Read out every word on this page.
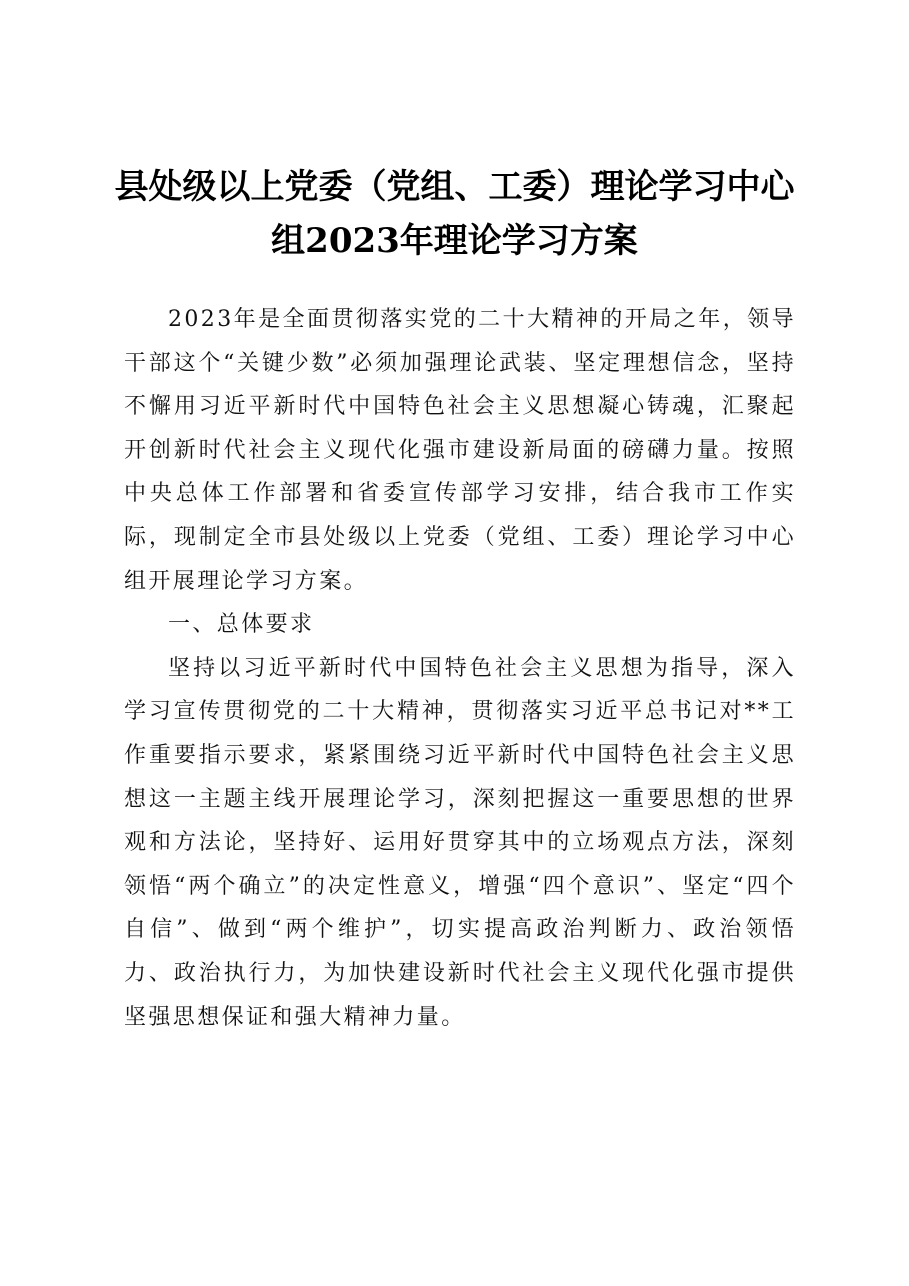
县处级以上党委（党组、工委）理论学习中心
组2023年理论学习方案

2023年是全面贯彻落实党的二十大精神的开局之年，领导干部这个“关键少数”必须加强理论武装、坚定理想信念，坚持不懈用习近平新时代中国特色社会主义思想凝心铸魂，汇聚起开创新时代社会主义现代化强市建设新局面的磅礴力量。按照中央总体工作部署和省委宣传部学习安排，结合我市工作实际，现制定全市县处级以上党委（党组、工委）理论学习中心组开展理论学习方案。

一、总体要求

坚持以习近平新时代中国特色社会主义思想为指导，深入学习宣传贯彻党的二十大精神，贯彻落实习近平总书记对**工作重要指示要求，紧紧围绕习近平新时代中国特色社会主义思想这一主题主线开展理论学习，深刻把握这一重要思想的世界观和方法论，坚持好、运用好贯穿其中的立场观点方法，深刻领悟“两个确立”的决定性意义，增强“四个意识”、坚定“四个自信”、做到“两个维护”，切实提高政治判断力、政治领悟力、政治执行力，为加快建设新时代社会主义现代化强市提供坚强思想保证和强大精神力量。
